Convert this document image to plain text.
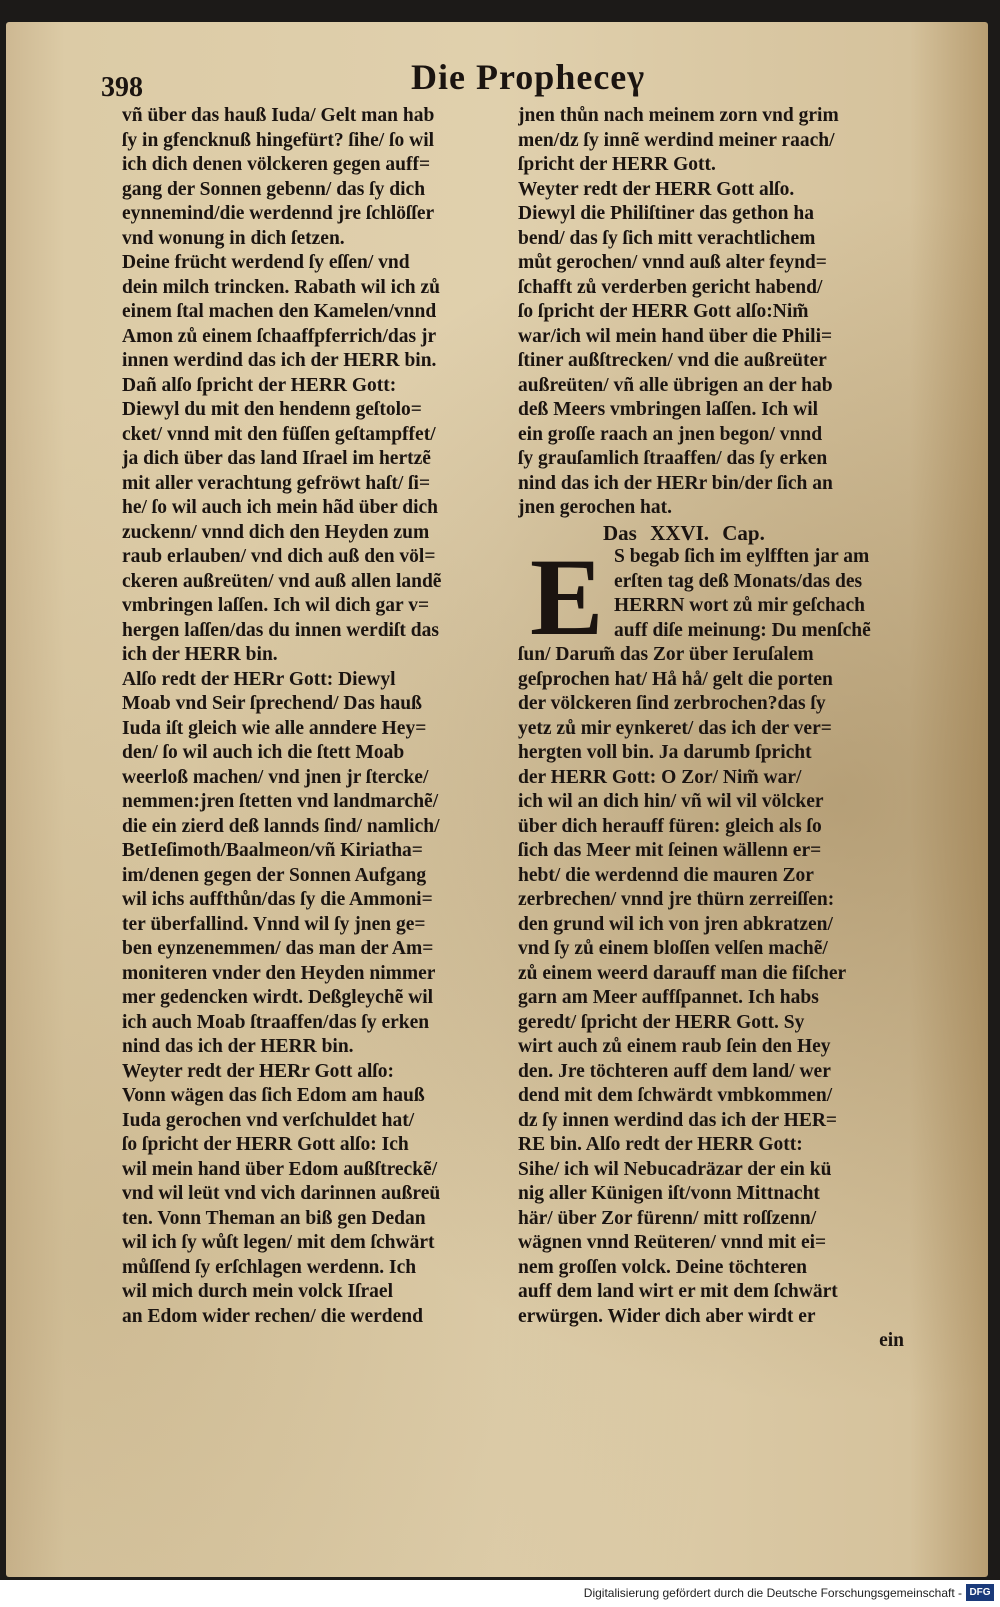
398	Die Propheceγ
vñ über das hauß Iuda/ Gelt man hab
ſy in gfencknuß hingefürt? ſihe/ ſo wil
ich dich denen völckeren gegen auff=
gang der Sonnen gebenn/ das ſy dich
eynnemind/die werdennd jre ſchlöſſer
vnd wonung in dich ſetzen.
Deine frücht werdend ſy eſſen/ vnd
dein milch trincken. Rabath wil ich zů
einem ſtal machen den Kamelen/vnnd
Amon zů einem ſchaaffpferrich/das jr
innen werdind das ich der HERR bin.
Dañ alſo ſpricht der HERR Gott:
Diewyl du mit den hendenn geſtolo=
cket/ vnnd mit den füſſen geſtampffet/
ja dich über das land Iſrael im hertzẽ
mit aller verachtung gefröwt haſt/ ſi=
he/ ſo wil auch ich mein hãd über dich
zuckenn/ vnnd dich den Heyden zum
raub erlauben/ vnd dich auß den völ=
ckeren außreüten/ vnd auß allen landẽ
vmbringen laſſen. Ich wil dich gar v=
hergen laſſen/das du innen werdiſt das
ich der HERR bin.
Alſo redt der HERr Gott: Diewyl
Moab vnd Seir ſprechend/ Das hauß
Iuda iſt gleich wie alle anndere Hey=
den/ ſo wil auch ich die ſtett Moab
weerloß machen/ vnd jnen jr ſtercke/
nemmen:jren ſtetten vnd landmarchẽ/
die ein zierd deß lannds ſind/ namlich/
BetIeſimoth/Baalmeon/vñ Kiriatha=
im/denen gegen der Sonnen Aufgang
wil ichs auffthůn/das ſy die Ammoni=
ter überfallind. Vnnd wil ſy jnen ge=
ben eynzenemmen/ das man der Am=
moniteren vnder den Heyden nimmer
mer gedencken wirdt. Deßgleychẽ wil
ich auch Moab ſtraaffen/das ſy erken
nind das ich der HERR bin.
Weyter redt der HERr Gott alſo:
Vonn wägen das ſich Edom am hauß
Iuda gerochen vnd verſchuldet hat/
ſo ſpricht der HERR Gott alſo: Ich
wil mein hand über Edom außſtreckẽ/
vnd wil leüt vnd vich darinnen außreü
ten. Vonn Theman an biß gen Dedan
wil ich ſy wůſt legen/ mit dem ſchwärt
můſſend ſy erſchlagen werdenn. Ich
wil mich durch mein volck Iſrael
an Edom wider rechen/ die werdend
jnen thůn nach meinem zorn vnd grim
men/dz ſy innẽ werdind meiner raach/
ſpricht der HERR Gott.
Weyter redt der HERR Gott alſo.
Diewyl die Philiſtiner das gethon ha
bend/ das ſy ſich mitt verachtlichem
můt gerochen/ vnnd auß alter feynd=
ſchafft zů verderben gericht habend/
ſo ſpricht der HERR Gott alſo:Nim̃
war/ich wil mein hand über die Phili=
ſtiner außſtrecken/ vnd die außreüter
außreüten/ vñ alle übrigen an der hab
deß Meers vmbringen laſſen. Ich wil
ein groſſe raach an jnen begon/ vnnd
ſy grauſamlich ſtraaffen/ das ſy erken
nind das ich der HERr bin/der ſich an
jnen gerochen hat.
Das XXVI. Cap.
E S begab ſich im eylfften jar am
erſten tag deß Monats/das des
HERRN wort zů mir geſchach
auff diſe meinung: Du menſchẽ
ſun/ Darum̃ das Zor über Ieruſalem
geſprochen hat/ Hå hå/ gelt die porten
der völckeren ſind zerbrochen?das ſy
yetz zů mir eynkeret/ das ich der ver=
hergten voll bin. Ja darumb ſpricht
der HERR Gott: O Zor/ Nim̃ war/
ich wil an dich hin/ vñ wil vil völcker
über dich herauff füren: gleich als ſo
ſich das Meer mit ſeinen wällenn er=
hebt/ die werdennd die mauren Zor
zerbrechen/ vnnd jre thürn zerreiſſen:
den grund wil ich von jren abkratzen/
vnd ſy zů einem bloſſen velſen machẽ/
zů einem weerd darauff man die fiſcher
garn am Meer auffſpannet. Ich habs
geredt/ ſpricht der HERR Gott. Sy
wirt auch zů einem raub ſein den Hey
den. Jre töchteren auff dem land/ wer
dend mit dem ſchwärdt vmbkommen/
dz ſy innen werdind das ich der HER=
RE bin. Alſo redt der HERR Gott:
Sihe/ ich wil Nebucadräzar der ein kü
nig aller Künigen iſt/vonn Mittnacht
här/ über Zor fürenn/ mitt roſſzenn/
wägnen vnnd Reüteren/ vnnd mit ei=
nem groſſen volck. Deine töchteren
auff dem land wirt er mit dem ſchwärt
erwürgen. Wider dich aber wirdt er
ein
Digitalisierung gefördert durch die Deutsche Forschungsgemeinschaft - DFG
